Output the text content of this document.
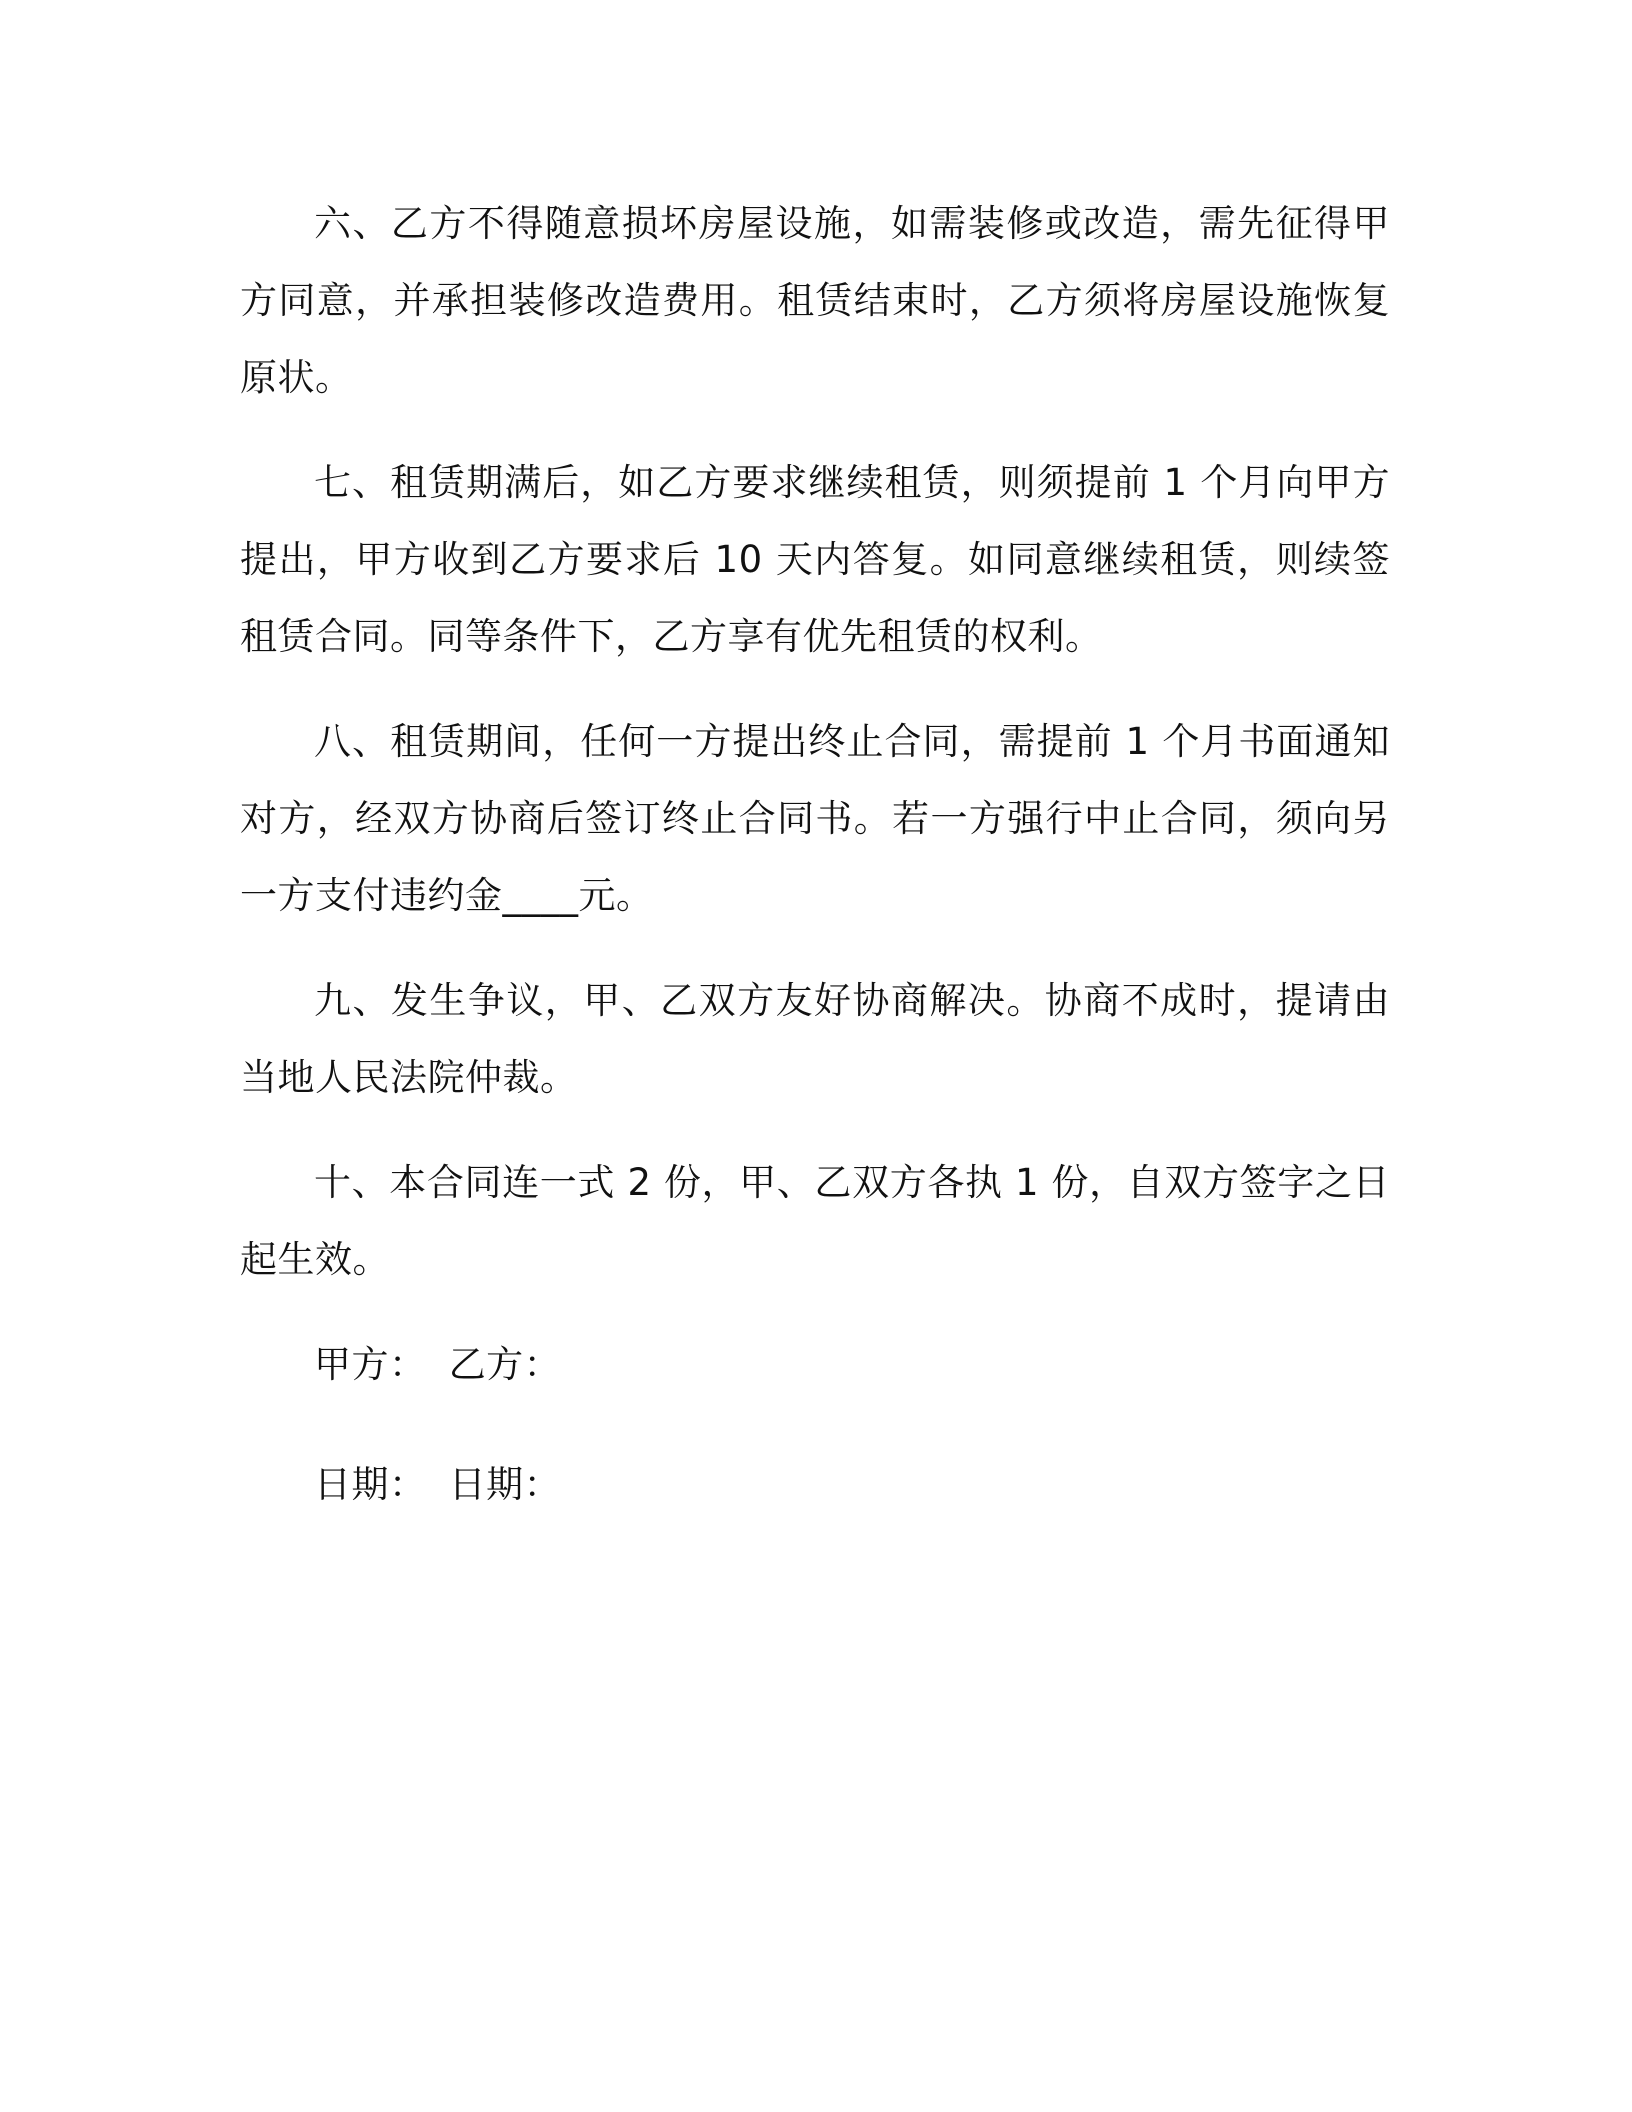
六、乙方不得随意损坏房屋设施，如需装修或改造，需先征得甲方同意，并承担装修改造费用。租赁结束时，乙方须将房屋设施恢复原状。

七、租赁期满后，如乙方要求继续租赁，则须提前 1 个月向甲方提出，甲方收到乙方要求后 10 天内答复。如同意继续租赁，则续签租赁合同。同等条件下，乙方享有优先租赁的权利。

八、租赁期间，任何一方提出终止合同，需提前 1 个月书面通知对方，经双方协商后签订终止合同书。若一方强行中止合同，须向另一方支付违约金____元。

九、发生争议，甲、乙双方友好协商解决。协商不成时，提请由当地人民法院仲裁。

十、本合同连一式 2 份，甲、乙双方各执 1 份，自双方签字之日起生效。

甲方： 乙方：
日期： 日期：
